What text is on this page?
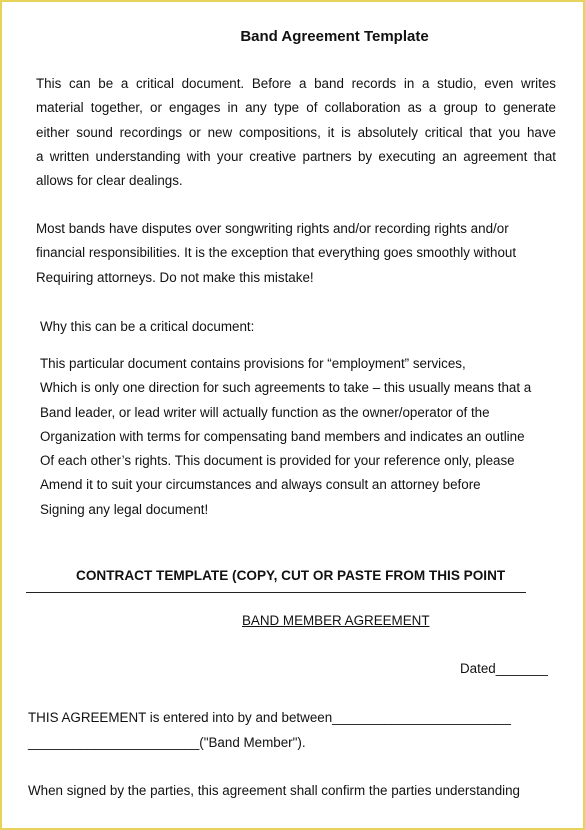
Band Agreement Template
This can be a critical document. Before a band records in a studio, even writes
material together, or engages in any type of collaboration as a group to generate
either sound recordings or new compositions, it is absolutely critical that you have
a written understanding with your creative partners by executing an agreement that
allows for clear dealings.
Most bands have disputes over songwriting rights and/or recording rights and/or
financial responsibilities. It is the exception that everything goes smoothly without
Requiring attorneys. Do not make this mistake!
Why this can be a critical document:
This particular document contains provisions for “employment” services,
Which is only one direction for such agreements to take – this usually means that a
Band leader, or lead writer will actually function as the owner/operator of the
Organization with terms for compensating band members and indicates an outline
Of each other’s rights. This document is provided for your reference only, please
Amend it to suit your circumstances and always consult an attorney before
Signing any legal document!
CONTRACT TEMPLATE (COPY, CUT OR PASTE FROM THIS POINT
BAND MEMBER AGREEMENT
Dated_______
THIS AGREEMENT is entered into by and between________________________
_______________________("Band Member").
When signed by the parties, this agreement shall confirm the parties understanding
